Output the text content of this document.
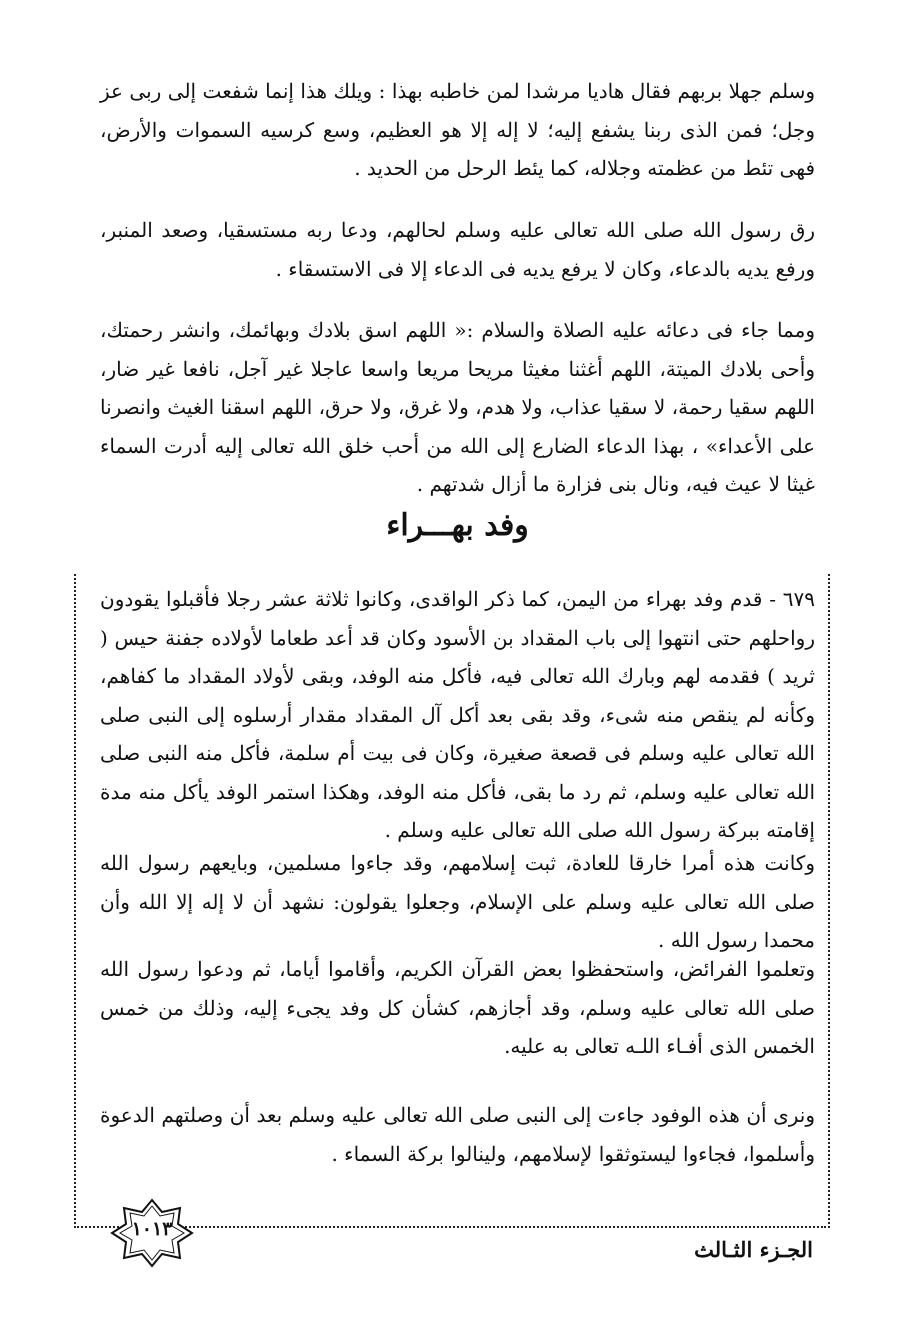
وسلم جهلا بربهم فقال هاديا مرشدا لمن خاطبه بهذا : ويلك هذا إنما شفعت إلى ربى عز وجل؛ فمن الذى ربنا يشفع إليه؛ لا إله إلا هو العظيم، وسع كرسيه السموات والأرض، فهى تئط من عظمته وجلاله، كما يئط الرحل من الحديد .

رق رسول الله صلى الله تعالى عليه وسلم لحالهم، ودعا ربه مستسقيا، وصعد المنبر، ورفع يديه بالدعاء، وكان لا يرفع يديه فى الدعاء إلا فى الاستسقاء .

ومما جاء فى دعائه عليه الصلاة والسلام :« اللهم اسق بلادك وبهائمك، وانشر رحمتك، وأحى بلادك الميتة، اللهم أغثنا مغيثا مريحا مريعا واسعا عاجلا غير آجل، نافعا غير ضار، اللهم سقيا رحمة، لا سقيا عذاب، ولا هدم، ولا غرق، ولا حرق، اللهم اسقنا الغيث وانصرنا على الأعداء» ، بهذا الدعاء الضارع إلى الله من أحب خلق الله تعالى إليه أدرت السماء غيثا لا عيث فيه، ونال بنى فزارة ما أزال شدتهم .

وفد بهـــراء

٦٧٩ - قدم وفد بهراء من اليمن، كما ذكر الواقدى، وكانوا ثلاثة عشر رجلا فأقبلوا يقودون رواحلهم حتى انتهوا إلى باب المقداد بن الأسود وكان قد أعد طعاما لأولاده جفنة حيس ( ثريد ) فقدمه لهم وبارك الله تعالى فيه، فأكل منه الوفد، وبقى لأولاد المقداد ما كفاهم، وكأنه لم ينقص منه شىء، وقد بقى بعد أكل آل المقداد مقدار أرسلوه إلى النبى صلى الله تعالى عليه وسلم فى قصعة صغيرة، وكان فى بيت أم سلمة، فأكل منه النبى صلى الله تعالى عليه وسلم، ثم رد ما بقى، فأكل منه الوفد، وهكذا استمر الوفد يأكل منه مدة إقامته ببركة رسول الله صلى الله تعالى عليه وسلم .

وكانت هذه أمرا خارقا للعادة، ثبت إسلامهم، وقد جاءوا مسلمين، وبايعهم رسول الله صلى الله تعالى عليه وسلم على الإسلام، وجعلوا يقولون: نشهد أن لا إله إلا الله وأن محمدا رسول الله .

وتعلموا الفرائض، واستحفظوا بعض القرآن الكريم، وأقاموا أياما، ثم ودعوا رسول الله صلى الله تعالى عليه وسلم، وقد أجازهم، كشأن كل وفد يجىء إليه، وذلك من خمس الخمس الذى أفـاء اللـه تعالى به عليه.

ونرى أن هذه الوفود جاءت إلى النبى صلى الله تعالى عليه وسلم بعد أن وصلتهم الدعوة وأسلموا، فجاءوا ليستوثقوا لإسلامهم، ولينالوا بركة السماء .

١٠١٣
الجـزء الثـالث
